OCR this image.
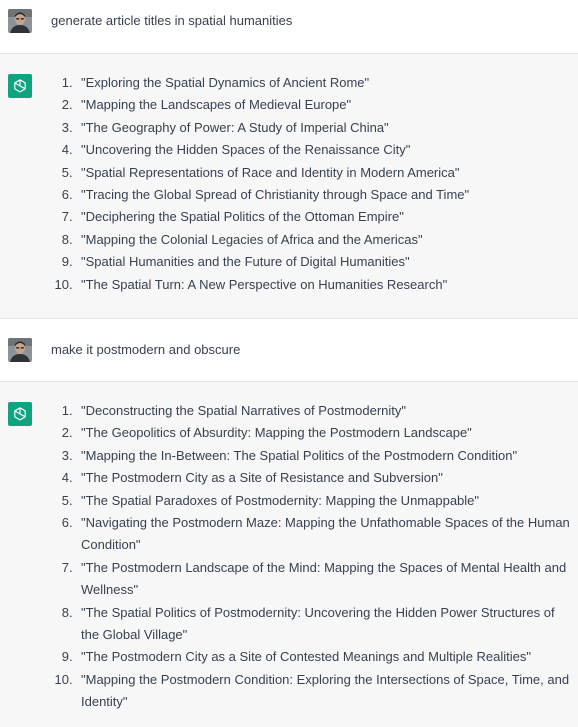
generate article titles in spatial humanities

1 . "Exploring the Spatial Dynamics of Ancient Rome"
2 . "Mapping the Landscapes of Medieval Europe"
3 . "The Geography of Power: A Study of Imperial China"
4 . "Uncovering the Hidden Spaces of the Renaissance City"
5 . "Spatial Representations of Race and Identity in Modern America"
6 . "Tracing the Global Spread of Christianity through Space and Time"
7 . "Deciphering the Spatial Politics of the Ottoman Empire"
8 . "Mapping the Colonial Legacies of Africa and the Americas"
9 . "Spatial Humanities and the Future of Digital Humanities"
10 . "The Spatial Turn: A New Perspective on Humanities Research"

make it postmodern and obscure

1 . "Deconstructing the Spatial Narratives of Postmodernity"
2 . "The Geopolitics of Absurdity: Mapping the Postmodern Landscape"
3 . "Mapping the In-Between: The Spatial Politics of the Postmodern Condition"
4 . "The Postmodern City as a Site of Resistance and Subversion"
5 . "The Spatial Paradoxes of Postmodernity: Mapping the Unmappable"
6 . "Navigating the Postmodern Maze: Mapping the Unfathomable Spaces of the Human Condition"
7 . "The Postmodern Landscape of the Mind: Mapping the Spaces of Mental Health and Wellness"
8 . "The Spatial Politics of Postmodernity: Uncovering the Hidden Power Structures of the Global Village"
9 . "The Postmodern City as a Site of Contested Meanings and Multiple Realities"
10 . "Mapping the Postmodern Condition: Exploring the Intersections of Space, Time, and Identity"
